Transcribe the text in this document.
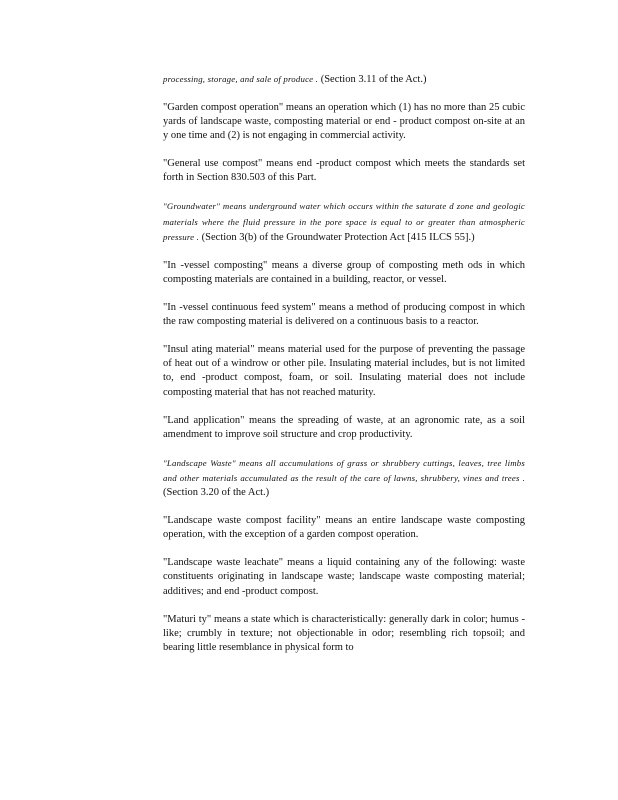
processing, storage, and sale of produce . (Section 3.11 of the Act.)

"Garden compost operation" means an operation which (1) has no more than 25 cubic yards of landscape waste, composting material or end - product compost on-site at an y one time and (2) is not engaging in commercial activity.

"General use compost" means end -product compost which meets the standards set forth in Section 830.503 of this Part.

"Groundwater" means underground water which occurs within the saturate d zone and geologic materials where the fluid pressure in the pore space is equal to or greater than atmospheric pressure . (Section 3(b) of the Groundwater Protection Act [415 ILCS 55].)

"In -vessel composting" means a diverse group of composting meth ods in which composting materials are contained in a building, reactor, or vessel.

"In -vessel continuous feed system" means a method of producing compost in which the raw composting material is delivered on a continuous basis to a reactor.

"Insul ating material" means material used for the purpose of preventing the passage of heat out of a windrow or other pile. Insulating material includes, but is not limited to, end -product compost, foam, or soil. Insulating material does not include composting material that has not reached maturity.

"Land application" means the spreading of waste, at an agronomic rate, as a soil amendment to improve soil structure and crop productivity.

"Landscape Waste" means all accumulations of grass or shrubbery cuttings, leaves, tree limbs and other materials accumulated as the result of the care of lawns, shrubbery, vines and trees . (Section 3.20 of the Act.)

"Landscape waste compost facility" means an entire landscape waste composting operation, with the exception of a garden compost operation.

"Landscape waste leachate" means a liquid containing any of the following: waste constituents originating in landscape waste; landscape waste composting material; additives; and end -product compost.

"Maturi ty" means a state which is characteristically: generally dark in color; humus -like; crumbly in texture; not objectionable in odor; resembling rich topsoil; and bearing little resemblance in physical form to
